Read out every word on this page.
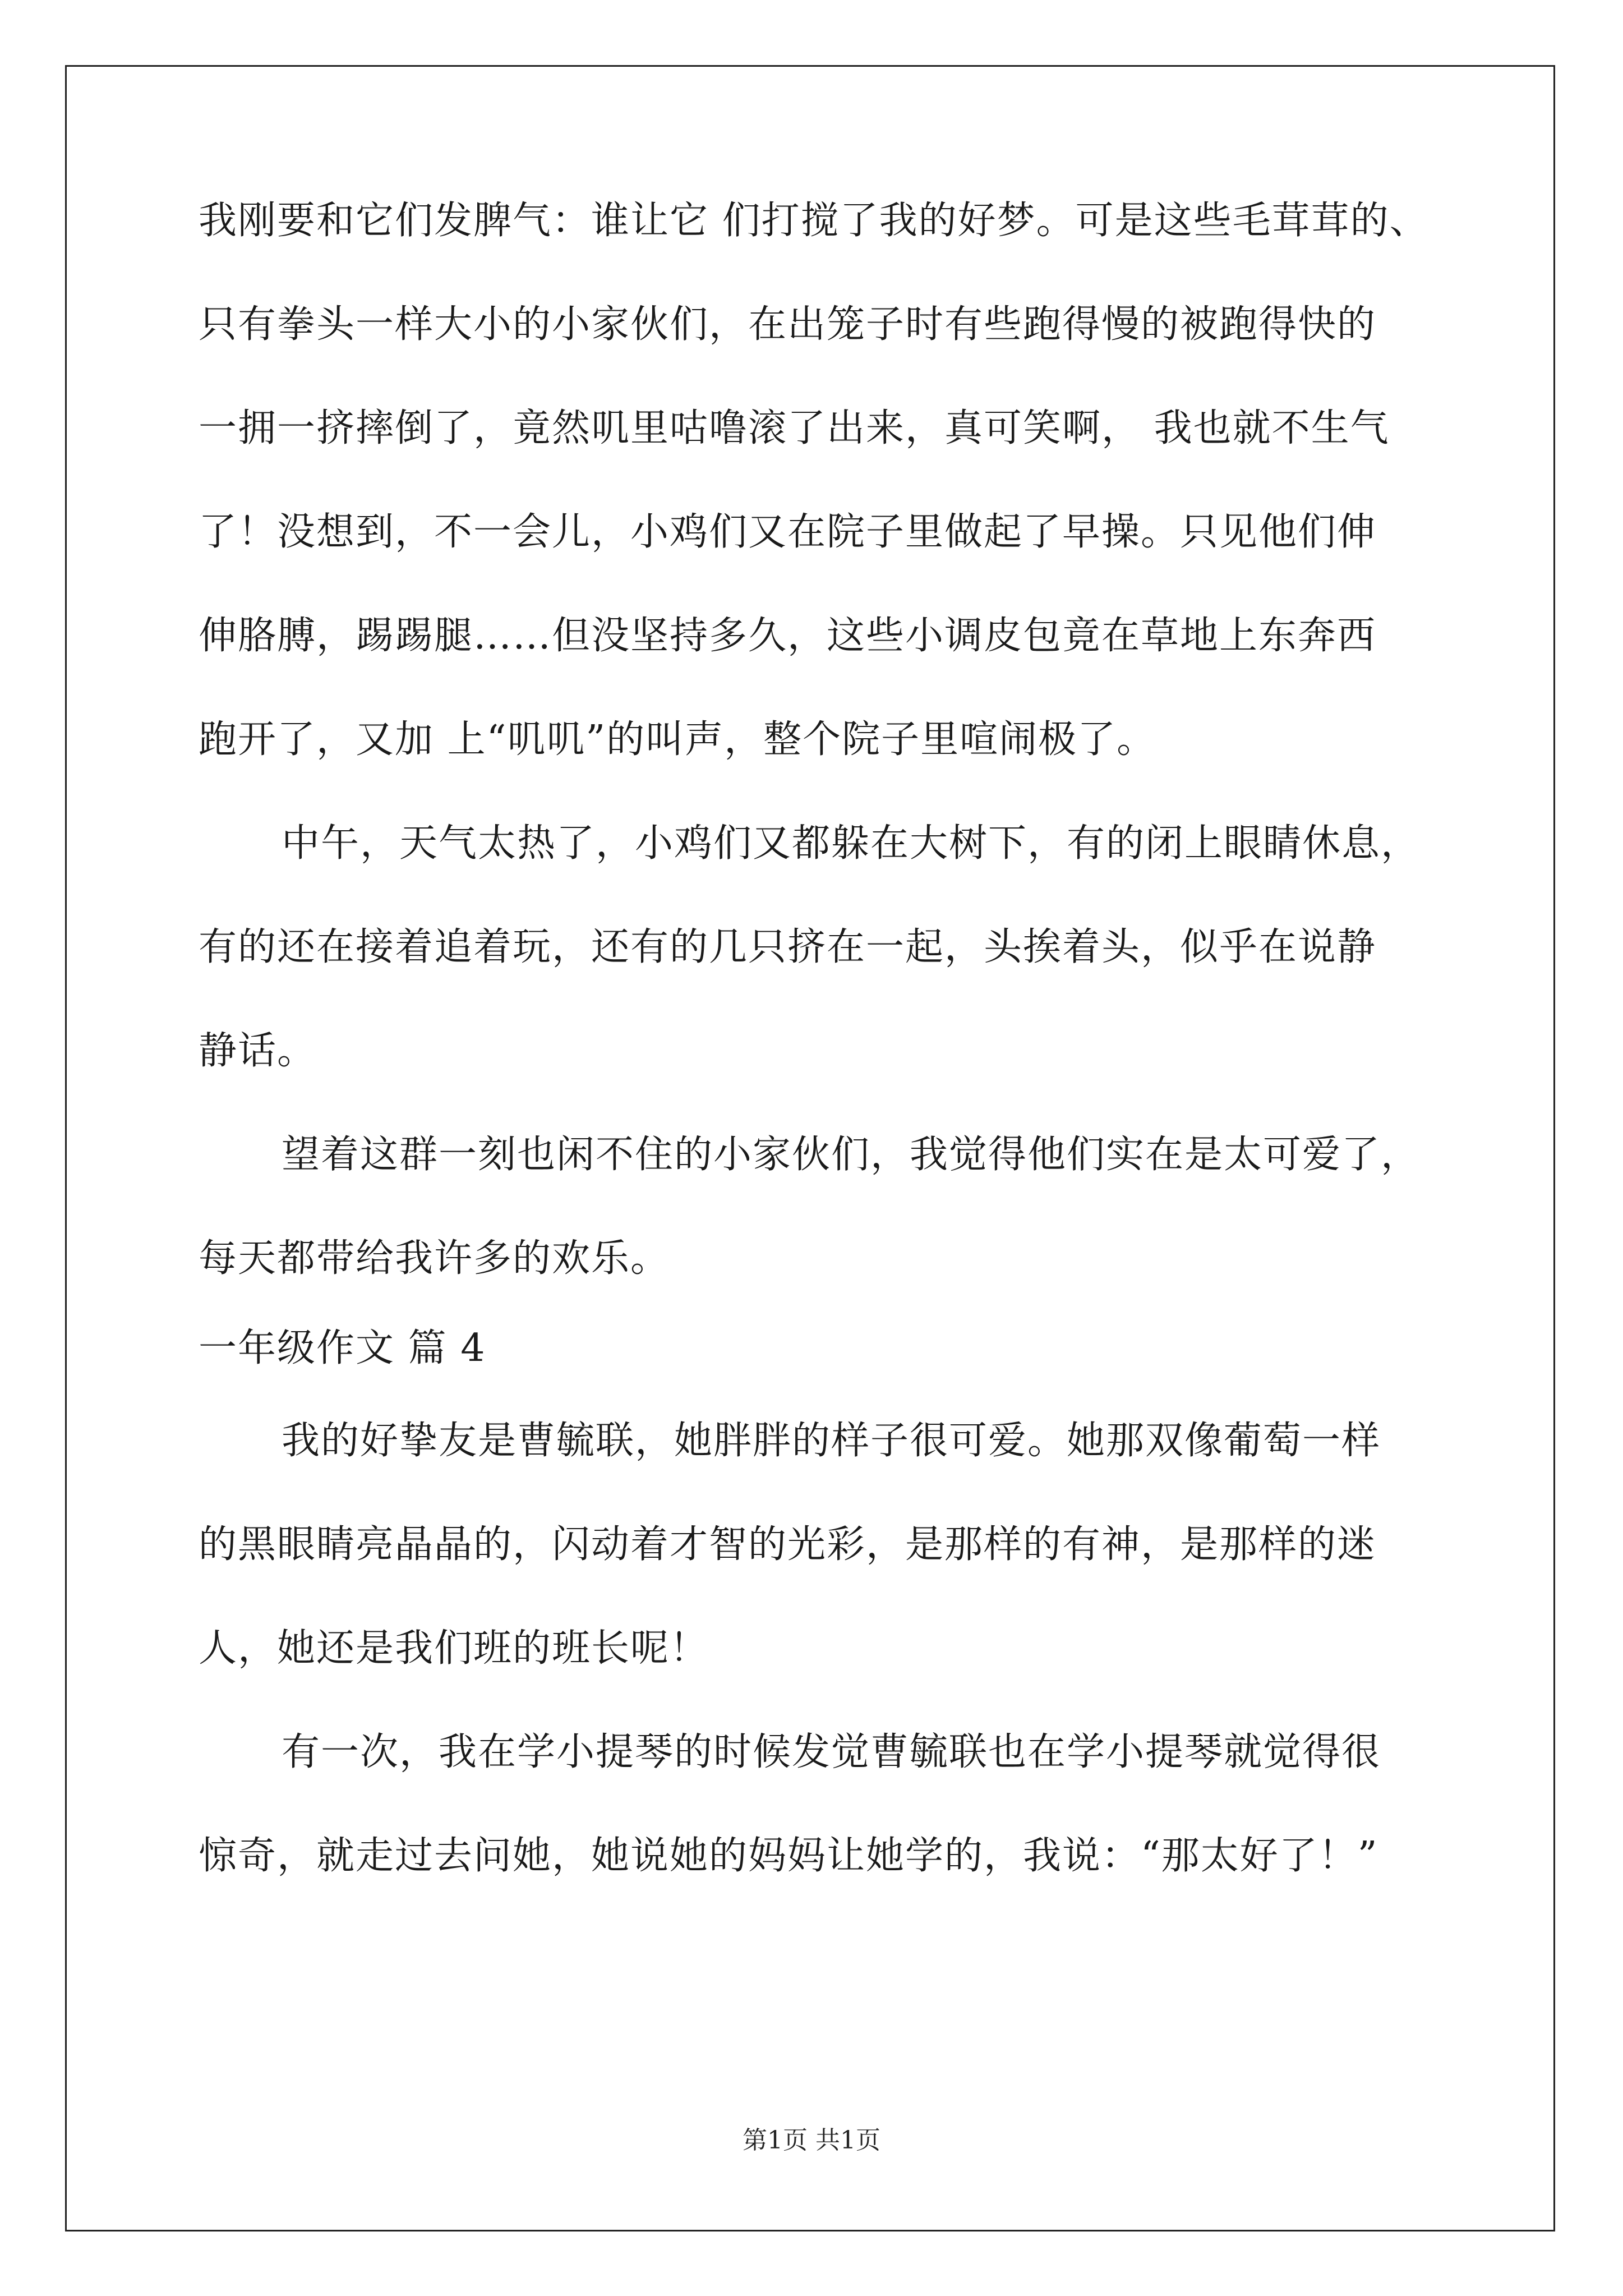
我刚要和它们发脾气：谁让它 们打搅了我的好梦。可是这些毛茸茸的、
只有拳头一样大小的小家伙们，在出笼子时有些跑得慢的被跑得快的
一拥一挤摔倒了，竟然叽里咕噜滚了出来，真可笑啊， 我也就不生气
了！没想到，不一会儿，小鸡们又在院子里做起了早操。只见他们伸
伸胳膊，踢踢腿……但没坚持多久，这些小调皮包竟在草地上东奔西
跑开了，又加 上“叽叽”的叫声，整个院子里喧闹极了。
中午，天气太热了，小鸡们又都躲在大树下，有的闭上眼睛休息，
有的还在接着追着玩，还有的几只挤在一起，头挨着头，似乎在说静
静话。
望着这群一刻也闲不住的小家伙们，我觉得他们实在是太可爱了，
每天都带给我许多的欢乐。
一年级作文 篇 4
我的好挚友是曹毓联，她胖胖的样子很可爱。她那双像葡萄一样
的黑眼睛亮晶晶的，闪动着才智的光彩，是那样的有神，是那样的迷
人，她还是我们班的班长呢！
有一次，我在学小提琴的时候发觉曹毓联也在学小提琴就觉得很
惊奇，就走过去问她，她说她的妈妈让她学的，我说：“那太好了！”
第1页 共1页
